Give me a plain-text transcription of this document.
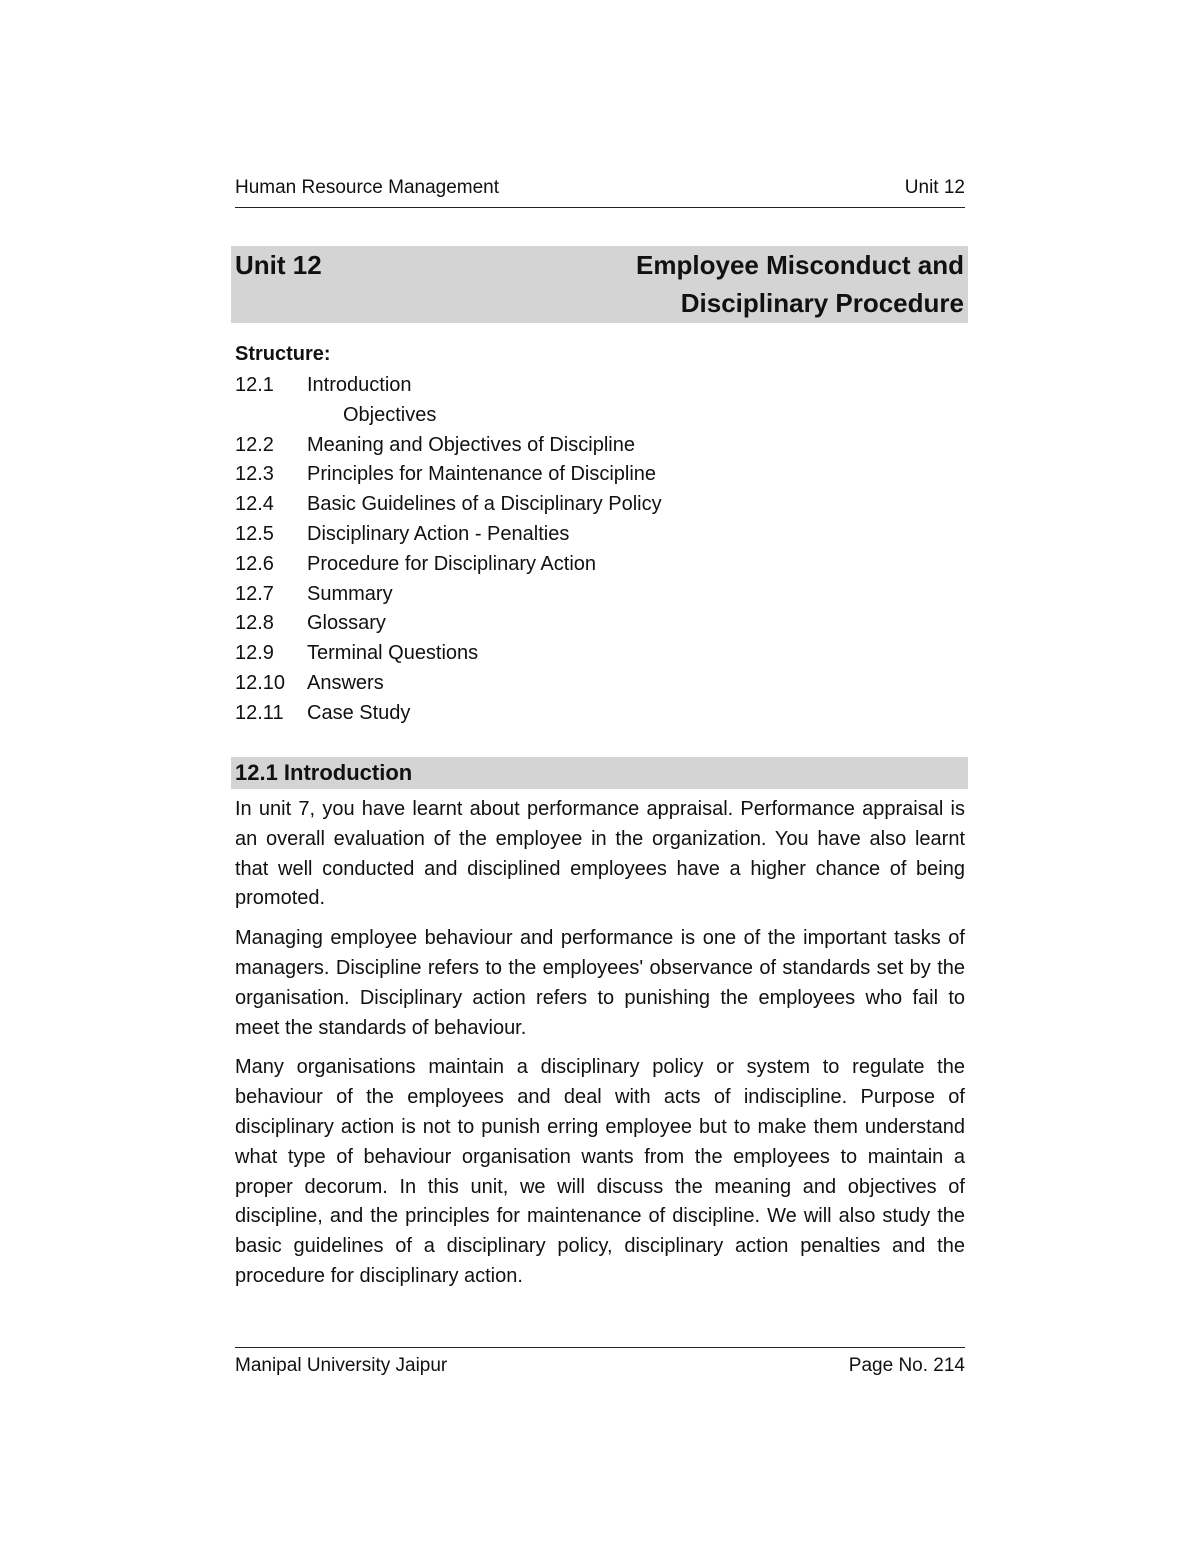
Human Resource Management	Unit 12
Unit 12	Employee Misconduct and Disciplinary Procedure
Structure:
12.1	Introduction
Objectives
12.2	Meaning and Objectives of Discipline
12.3	Principles for Maintenance of Discipline
12.4	Basic Guidelines of a Disciplinary Policy
12.5	Disciplinary Action - Penalties
12.6	Procedure for Disciplinary Action
12.7	Summary
12.8	Glossary
12.9	Terminal Questions
12.10	Answers
12.11	Case Study
12.1 Introduction

In unit 7, you have learnt about performance appraisal. Performance appraisal is an overall evaluation of the employee in the organization. You have also learnt that well conducted and disciplined employees have a higher chance of being promoted.

Managing employee behaviour and performance is one of the important tasks of managers. Discipline refers to the employees' observance of standards set by the organisation. Disciplinary action refers to punishing the employees who fail to meet the standards of behaviour.

Many organisations maintain a disciplinary policy or system to regulate the behaviour of the employees and deal with acts of indiscipline. Purpose of disciplinary action is not to punish erring employee but to make them understand what type of behaviour organisation wants from the employees to maintain a proper decorum. In this unit, we will discuss the meaning and objectives of discipline, and the principles for maintenance of discipline. We will also study the basic guidelines of a disciplinary policy, disciplinary action penalties and the procedure for disciplinary action.

Manipal University Jaipur	Page No. 214
